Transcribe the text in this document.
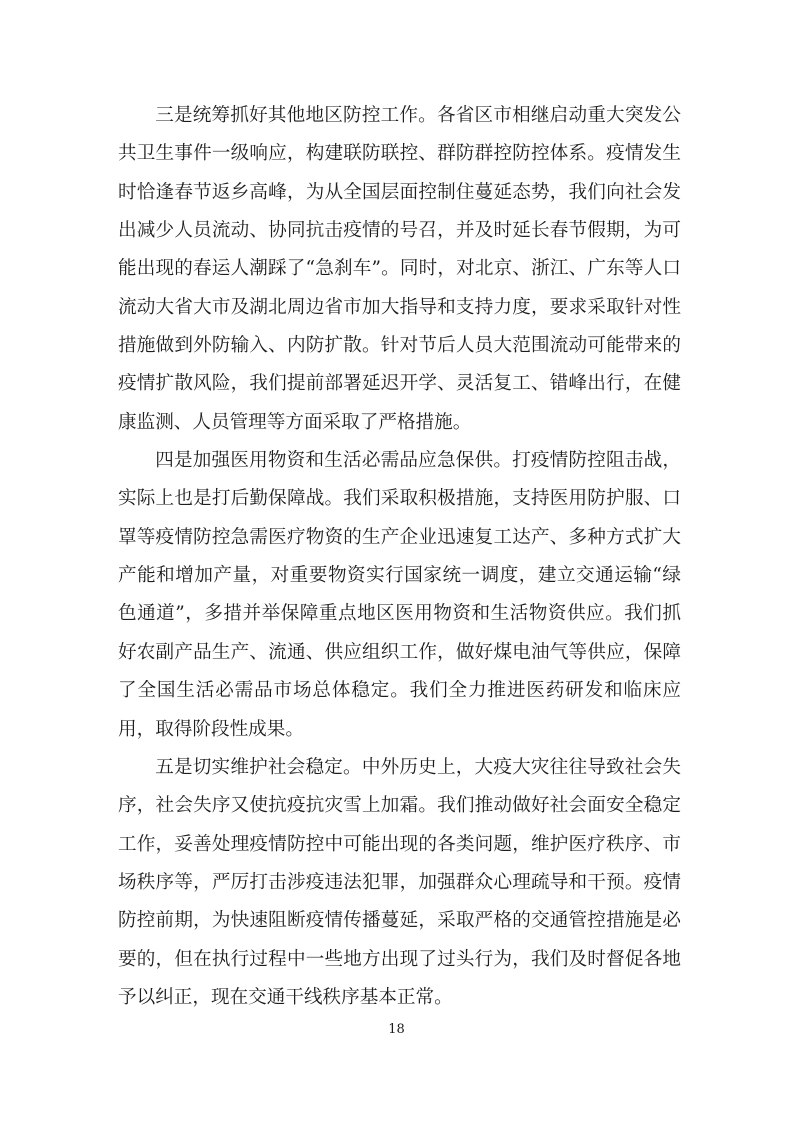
三是统筹抓好其他地区防控工作。各省区市相继启动重大突发公共卫生事件一级响应，构建联防联控、群防群控防控体系。疫情发生时恰逢春节返乡高峰，为从全国层面控制住蔓延态势，我们向社会发出减少人员流动、协同抗击疫情的号召，并及时延长春节假期，为可能出现的春运人潮踩了“急刹车”。同时，对北京、浙江、广东等人口流动大省大市及湖北周边省市加大指导和支持力度，要求采取针对性措施做到外防输入、内防扩散。针对节后人员大范围流动可能带来的疫情扩散风险，我们提前部署延迟开学、灵活复工、错峰出行，在健康监测、人员管理等方面采取了严格措施。

四是加强医用物资和生活必需品应急保供。打疫情防控阻击战，实际上也是打后勤保障战。我们采取积极措施，支持医用防护服、口罩等疫情防控急需医疗物资的生产企业迅速复工达产、多种方式扩大产能和增加产量，对重要物资实行国家统一调度，建立交通运输“绿色通道”，多措并举保障重点地区医用物资和生活物资供应。我们抓好农副产品生产、流通、供应组织工作，做好煤电油气等供应，保障了全国生活必需品市场总体稳定。我们全力推进医药研发和临床应用，取得阶段性成果。

五是切实维护社会稳定。中外历史上，大疫大灾往往导致社会失序，社会失序又使抗疫抗灾雪上加霜。我们推动做好社会面安全稳定工作，妥善处理疫情防控中可能出现的各类问题，维护医疗秩序、市场秩序等，严厉打击涉疫违法犯罪，加强群众心理疏导和干预。疫情防控前期，为快速阻断疫情传播蔓延，采取严格的交通管控措施是必要的，但在执行过程中一些地方出现了过头行为，我们及时督促各地予以纠正，现在交通干线秩序基本正常。

18
